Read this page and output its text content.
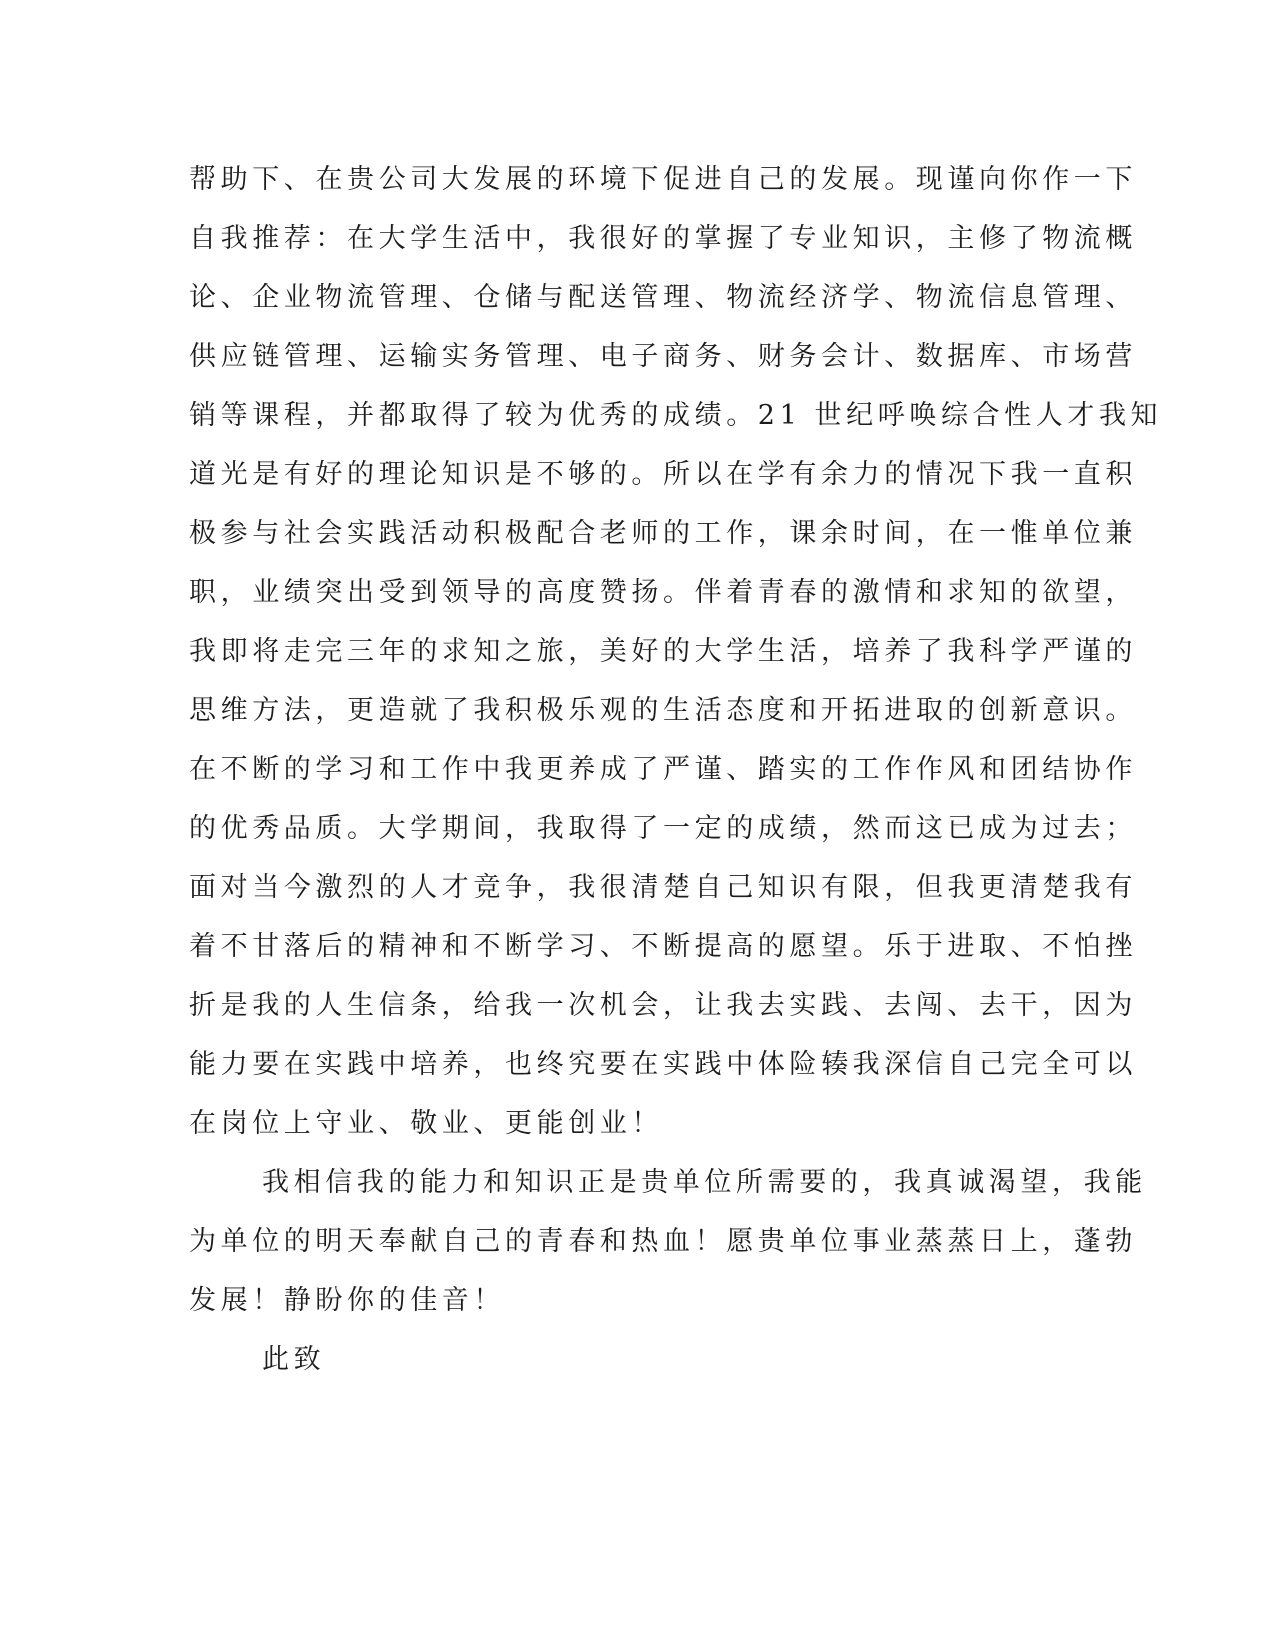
帮助下、在贵公司大发展的环境下促进自己的发展。现谨向你作一下
自我推荐：在大学生活中，我很好的掌握了专业知识，主修了物流概
论、企业物流管理、仓储与配送管理、物流经济学、物流信息管理、
供应链管理、运输实务管理、电子商务、财务会计、数据库、市场营
销等课程，并都取得了较为优秀的成绩。21 世纪呼唤综合性人才我知
道光是有好的理论知识是不够的。所以在学有余力的情况下我一直积
极参与社会实践活动积极配合老师的工作，课余时间，在一惟单位兼
职，业绩突出受到领导的高度赞扬。伴着青春的激情和求知的欲望，
我即将走完三年的求知之旅，美好的大学生活，培养了我科学严谨的
思维方法，更造就了我积极乐观的生活态度和开拓进取的创新意识。
在不断的学习和工作中我更养成了严谨、踏实的工作作风和团结协作
的优秀品质。大学期间，我取得了一定的成绩，然而这已成为过去；
面对当今激烈的人才竞争，我很清楚自己知识有限，但我更清楚我有
着不甘落后的精神和不断学习、不断提高的愿望。乐于进取、不怕挫
折是我的人生信条，给我一次机会，让我去实践、去闯、去干，因为
能力要在实践中培养，也终究要在实践中体险辏我深信自己完全可以
在岗位上守业、敬业、更能创业！
我相信我的能力和知识正是贵单位所需要的，我真诚渴望，我能
为单位的明天奉献自己的青春和热血！愿贵单位事业蒸蒸日上，蓬勃
发展！静盼你的佳音！
此致
